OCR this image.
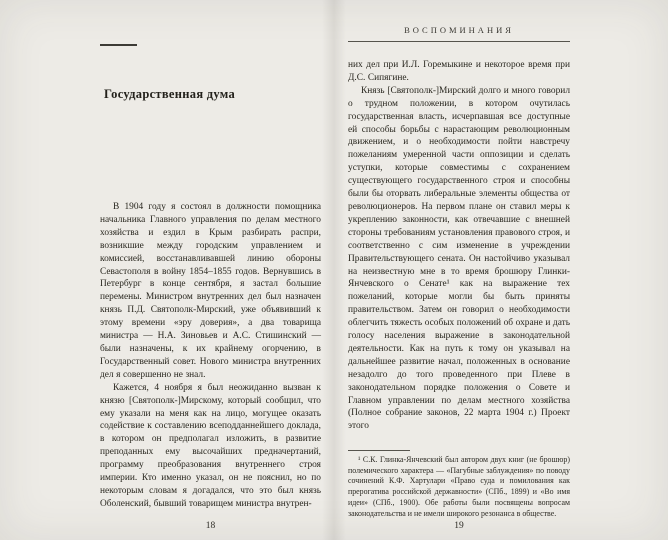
Государственная дума

В 1904 году я состоял в должности помощника начальника Главного управления по делам местного хозяйства и ездил в Крым разбирать распри, возникшие между городским управлением и комиссией, восстанавливавшей линию обороны Севастополя в войну 1854–1855 годов. Вернувшись в Петербург в конце сентября, я застал большие перемены. Министром внутренних дел был назначен князь П.Д. Святополк-Мирский, уже объявивший к этому времени «эру доверия», а два товарища министра — Н.А. Зиновьев и А.С. Стишинский — были назначены, к их крайнему огорчению, в Государственный совет. Нового министра внутренних дел я совершенно не знал.

Кажется, 4 ноября я был неожиданно вызван к князю [Святополк-]Мирскому, который сообщил, что ему указали на меня как на лицо, могущее оказать содействие к составлению всеподданнейшего доклада, в котором он предполагал изложить, в развитие преподанных ему высочайших предначертаний, программу преобразования внутреннего строя империи. Кто именно указал, он не пояснил, но по некоторым словам я догадался, что это был князь Оболенский, бывший товарищем министра внутрен-

18
ВОСПОМИНАНИЯ

них дел при И.Л. Горемыкине и некоторое время при Д.С. Сипягине.

Князь [Святополк-]Мирский долго и много говорил о трудном положении, в котором очутилась государственная власть, исчерпавшая все доступные ей способы борьбы с нарастающим революционным движением, и о необходимости пойти навстречу пожеланиям умеренной части оппозиции и сделать уступки, которые совместимы с сохранением существующего государственного строя и способны были бы оторвать либеральные элементы общества от революционеров. На первом плане он ставил меры к укреплению законности, как отвечавшие с внешней стороны требованиям установления правового строя, и соответственно с сим изменение в учреждении Правительствующего сената. Он настойчиво указывал на неизвестную мне в то время брошюру Глинки-Янчевского о Сенате¹ как на выражение тех пожеланий, которые могли бы быть приняты правительством. Затем он говорил о необходимости облегчить тяжесть особых положений об охране и дать голосу населения выражение в законодательной деятельности. Как на путь к тому он указывал на дальнейшее развитие начал, положенных в основание незадолго до того проведенного при Плеве в законодательном порядке положения о Совете и Главном управлении по делам местного хозяйства (Полное собрание законов, 22 марта 1904 г.) Проект этого

¹ С.К. Глинка-Янчевский был автором двух книг (не брошюр) полемического характера — «Пагубные заблуждения» по поводу сочинений К.Ф. Хартулари «Право суда и помилования как прерогатива российской державности» (СПб., 1899) и «Во имя идеи» (СПб., 1900). Обе работы были посвящены вопросам законодательства и не имели широкого резонанса в обществе.

19
